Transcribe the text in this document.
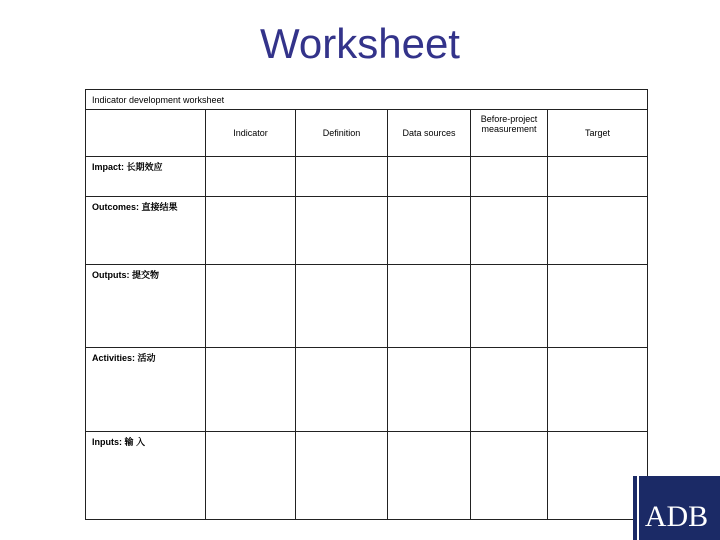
Worksheet
Indicator development worksheet					
	Indicator	Definition	Data sources	Before-project measurement	Target
Impact: 长期效应					
Outcomes: 直接结果					
Outputs: 提交物					
Activities: 活动					
Inputs: 输 入					
ADB
